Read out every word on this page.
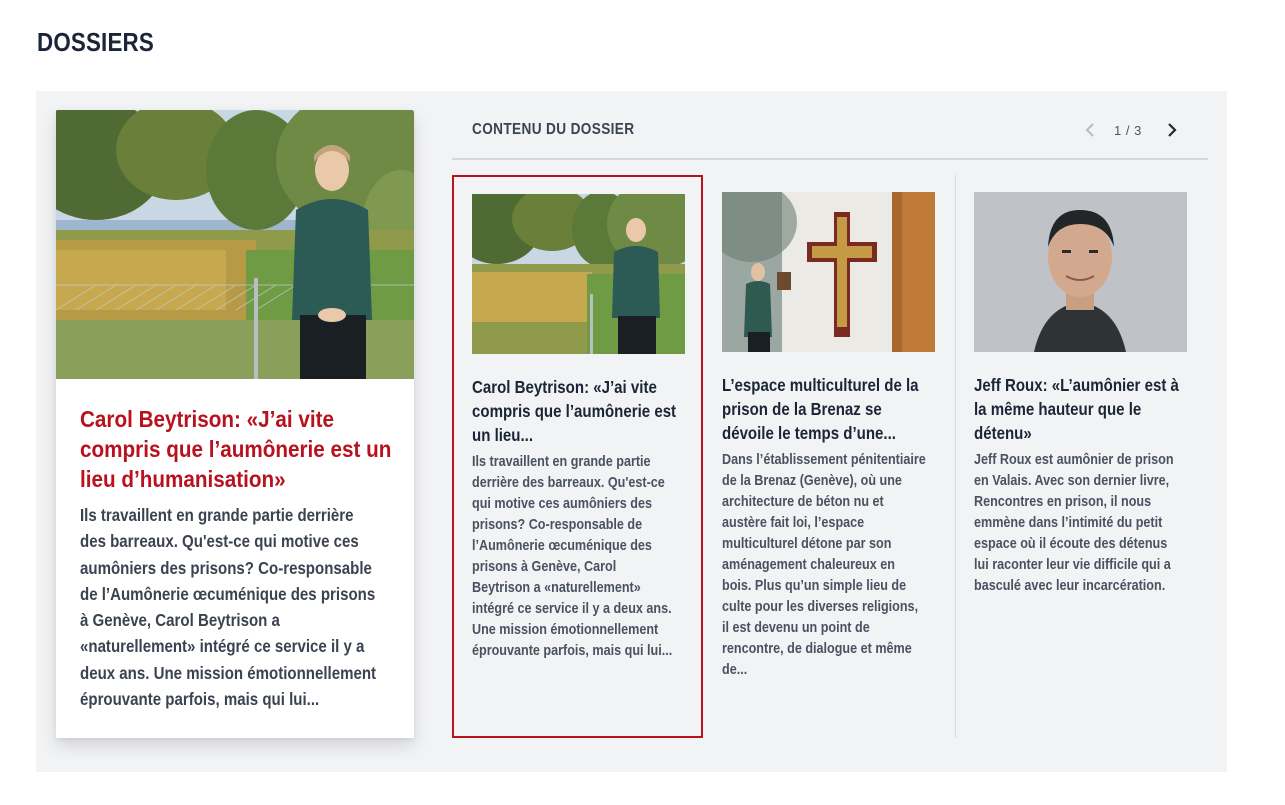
DOSSIERS
Carol Beytrison: «J’ai vite compris que l’aumônerie est un lieu d’humanisation»

Ils travaillent en grande partie derrière des barreaux. Qu'est-ce qui motive ces aumôniers des prisons? Co-responsable de l’Aumônerie œcuménique des prisons à Genève, Carol Beytrison a «naturellement» intégré ce service il y a deux ans. Une mission émotionnellement éprouvante parfois, mais qui lui...

CONTENU DU DOSSIER	1 / 3
Carol Beytrison: «J’ai vite compris que l’aumônerie est un lieu...

Ils travaillent en grande partie derrière des barreaux. Qu'est-ce qui motive ces aumôniers des prisons? Co-responsable de l’Aumônerie œcuménique des prisons à Genève, Carol Beytrison a «naturellement» intégré ce service il y a deux ans. Une mission émotionnellement éprouvante parfois, mais qui lui...

L’espace multiculturel de la prison de la Brenaz se dévoile le temps d’une...

Dans l’établissement pénitentiaire de la Brenaz (Genève), où une architecture de béton nu et austère fait loi, l’espace multiculturel détone par son aménagement chaleureux en bois. Plus qu’un simple lieu de culte pour les diverses religions, il est devenu un point de rencontre, de dialogue et même de...

Jeff Roux: «L’aumônier est à la même hauteur que le détenu»

Jeff Roux est aumônier de prison en Valais. Avec son dernier livre, Rencontres en prison, il nous emmène dans l’intimité du petit espace où il écoute des détenus lui raconter leur vie difficile qui a basculé avec leur incarcération.
